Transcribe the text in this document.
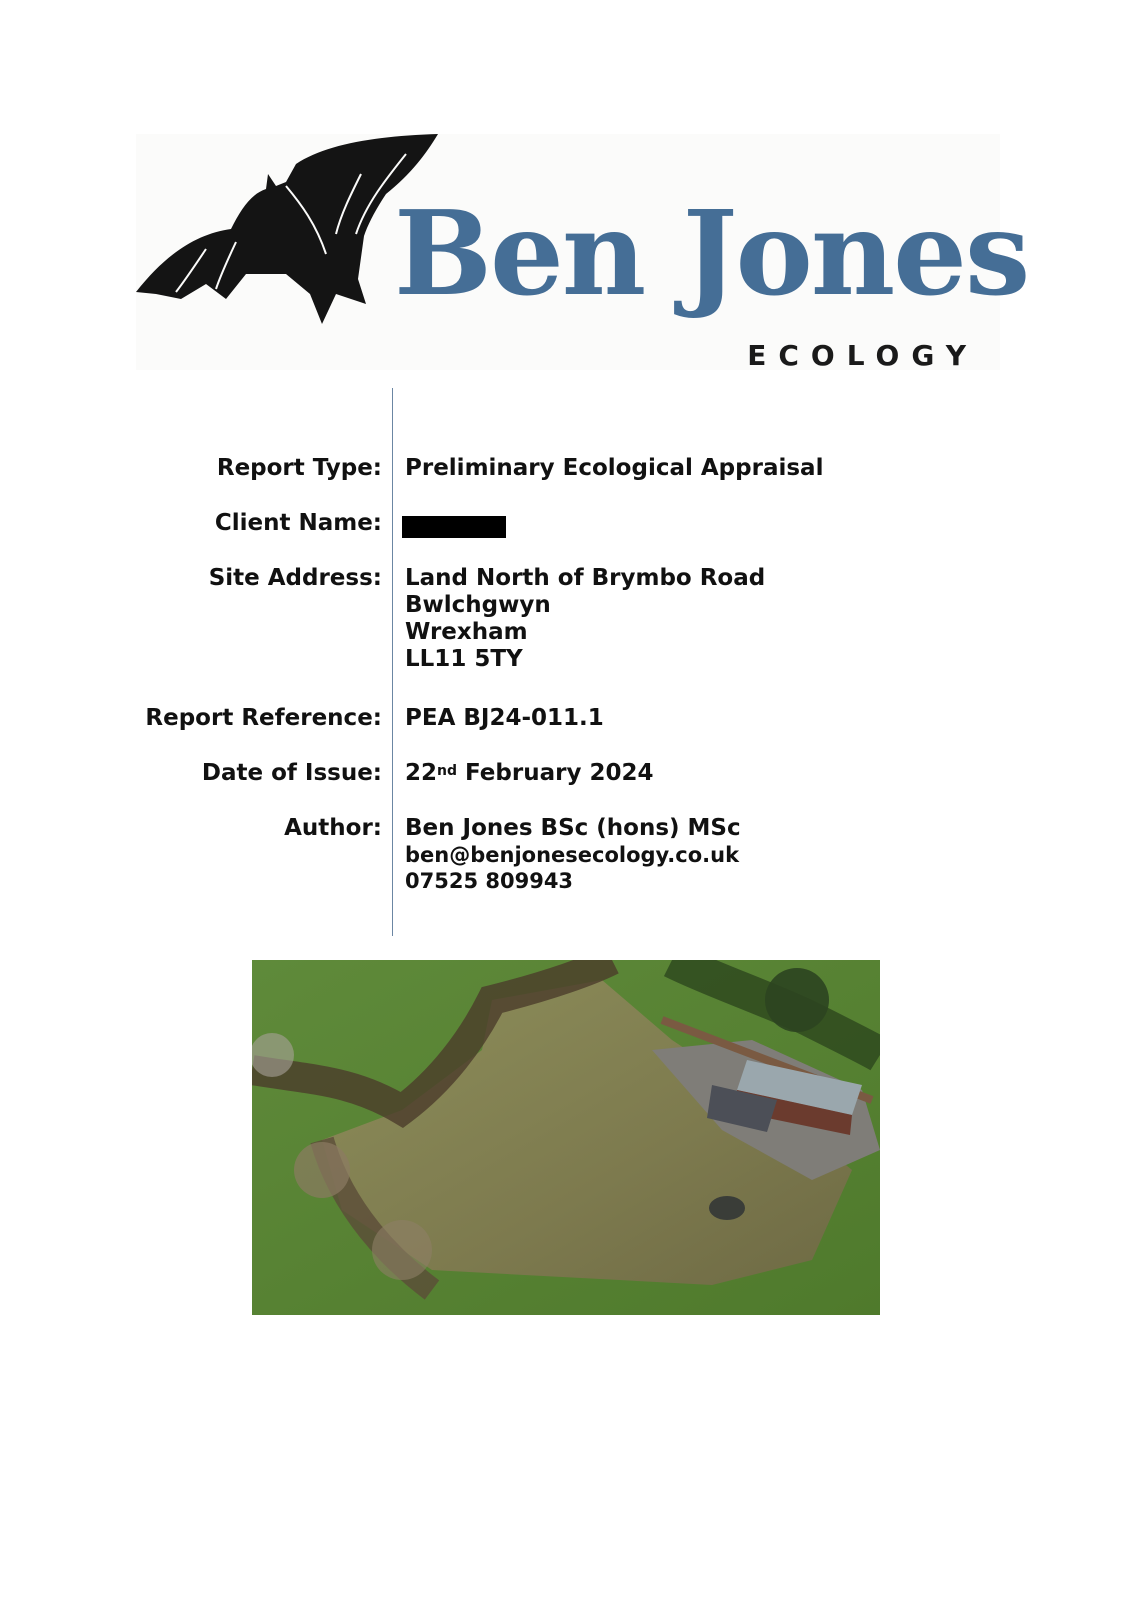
Ben Jones
ECOLOGY
Report Type: Preliminary Ecological Appraisal
Client Name:
Site Address: Land North of Brymbo Road
Bwlchgwyn
Wrexham
LL11 5TY
Report Reference: PEA BJ24-011.1
Date of Issue: 22nd February 2024
Author: Ben Jones BSc (hons) MSc
ben@benjonesecology.co.uk
07525 809943
